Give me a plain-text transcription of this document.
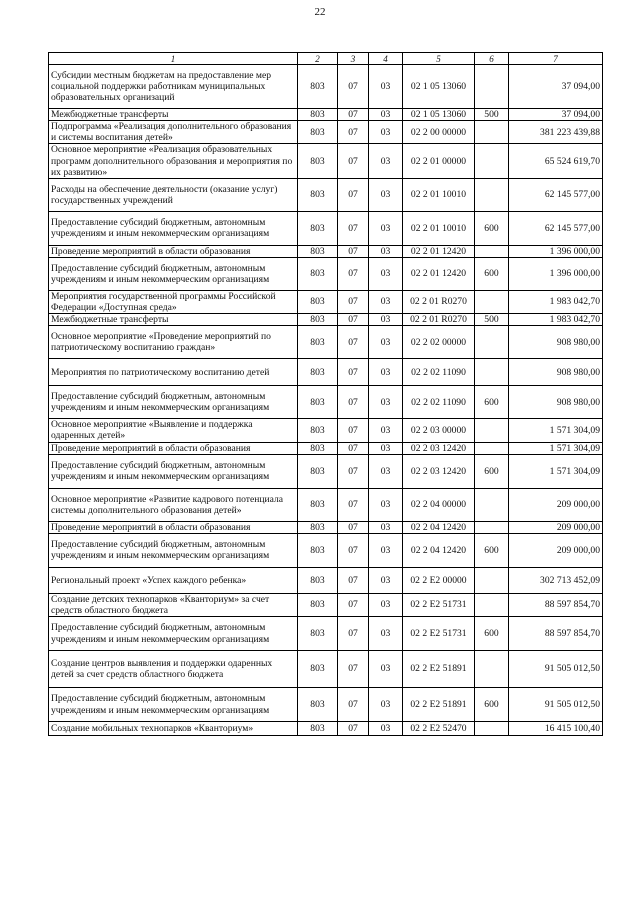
22
1	2	3	4	5	6	7
Субсидии местным бюджетам на предоставление мер социальной поддержки работникам муниципальных образовательных организаций	803	07	03	02 1 05 13060		37 094,00
Межбюджетные трансферты	803	07	03	02 1 05 13060	500	37 094,00
Подпрограмма «Реализация дополнительного образования и системы воспитания детей»	803	07	03	02 2 00 00000		381 223 439,88
Основное мероприятие «Реализация образовательных программ дополнительного образования и мероприятия по их развитию»	803	07	03	02 2 01 00000		65 524 619,70
Расходы на обеспечение деятельности (оказание услуг) государственных учреждений	803	07	03	02 2 01 10010		62 145 577,00
Предоставление субсидий бюджетным, автономным учреждениям и иным некоммерческим организациям	803	07	03	02 2 01 10010	600	62 145 577,00
Проведение мероприятий в области образования	803	07	03	02 2 01 12420		1 396 000,00
Предоставление субсидий бюджетным, автономным учреждениям и иным некоммерческим организациям	803	07	03	02 2 01 12420	600	1 396 000,00
Мероприятия государственной программы Российской Федерации «Доступная среда»	803	07	03	02 2 01 R0270		1 983 042,70
Межбюджетные трансферты	803	07	03	02 2 01 R0270	500	1 983 042,70
Основное мероприятие «Проведение мероприятий по патриотическому воспитанию граждан»	803	07	03	02 2 02 00000		908 980,00
Мероприятия по патриотическому воспитанию детей	803	07	03	02 2 02 11090		908 980,00
Предоставление субсидий бюджетным, автономным учреждениям и иным некоммерческим организациям	803	07	03	02 2 02 11090	600	908 980,00
Основное мероприятие «Выявление и поддержка одаренных детей»	803	07	03	02 2 03 00000		1 571 304,09
Проведение мероприятий в области образования	803	07	03	02 2 03 12420		1 571 304,09
Предоставление субсидий бюджетным, автономным учреждениям и иным некоммерческим организациям	803	07	03	02 2 03 12420	600	1 571 304,09
Основное мероприятие «Развитие кадрового потенциала системы дополнительного образования детей»	803	07	03	02 2 04 00000		209 000,00
Проведение мероприятий в области образования	803	07	03	02 2 04 12420		209 000,00
Предоставление субсидий бюджетным, автономным учреждениям и иным некоммерческим организациям	803	07	03	02 2 04 12420	600	209 000,00
Региональный проект «Успех каждого ребенка»	803	07	03	02 2 E2 00000		302 713 452,09
Создание детских технопарков «Кванториум» за счет средств областного бюджета	803	07	03	02 2 E2 51731		88 597 854,70
Предоставление субсидий бюджетным, автономным учреждениям и иным некоммерческим организациям	803	07	03	02 2 E2 51731	600	88 597 854,70
Создание центров выявления и поддержки одаренных детей за счет средств областного бюджета	803	07	03	02 2 E2 51891		91 505 012,50
Предоставление субсидий бюджетным, автономным учреждениям и иным некоммерческим организациям	803	07	03	02 2 E2 51891	600	91 505 012,50
Создание мобильных технопарков «Кванториум»	803	07	03	02 2 E2 52470		16 415 100,40
